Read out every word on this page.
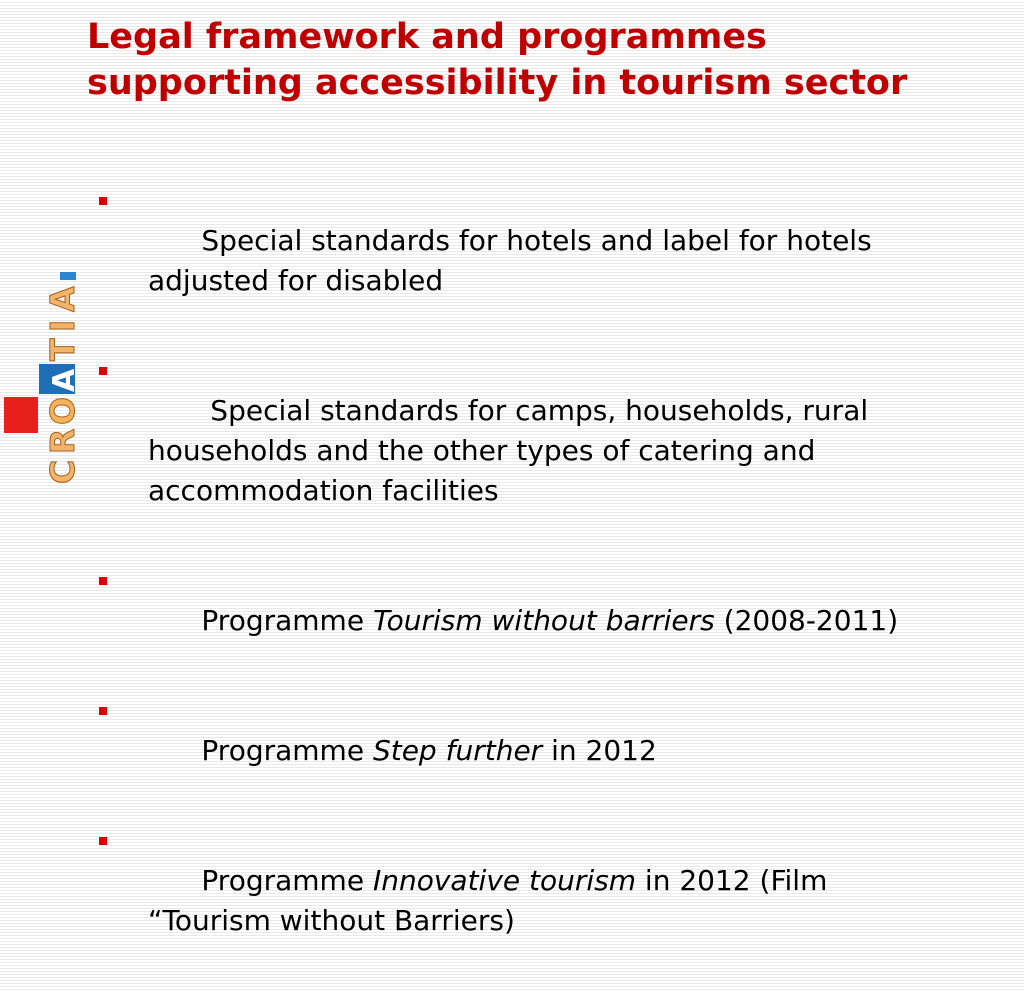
Legal framework and programmes supporting accessibility in tourism sector
C
R
O
A
T
I
A

Special standards for hotels and label for hotels adjusted for disabled

Special standards for camps, households, rural households and the other types of catering and accommodation facilities

Programme Tourism without barriers (2008-2011)

Programme Step further in 2012

Programme Innovative tourism in 2012 (Film “Tourism without Barriers)
